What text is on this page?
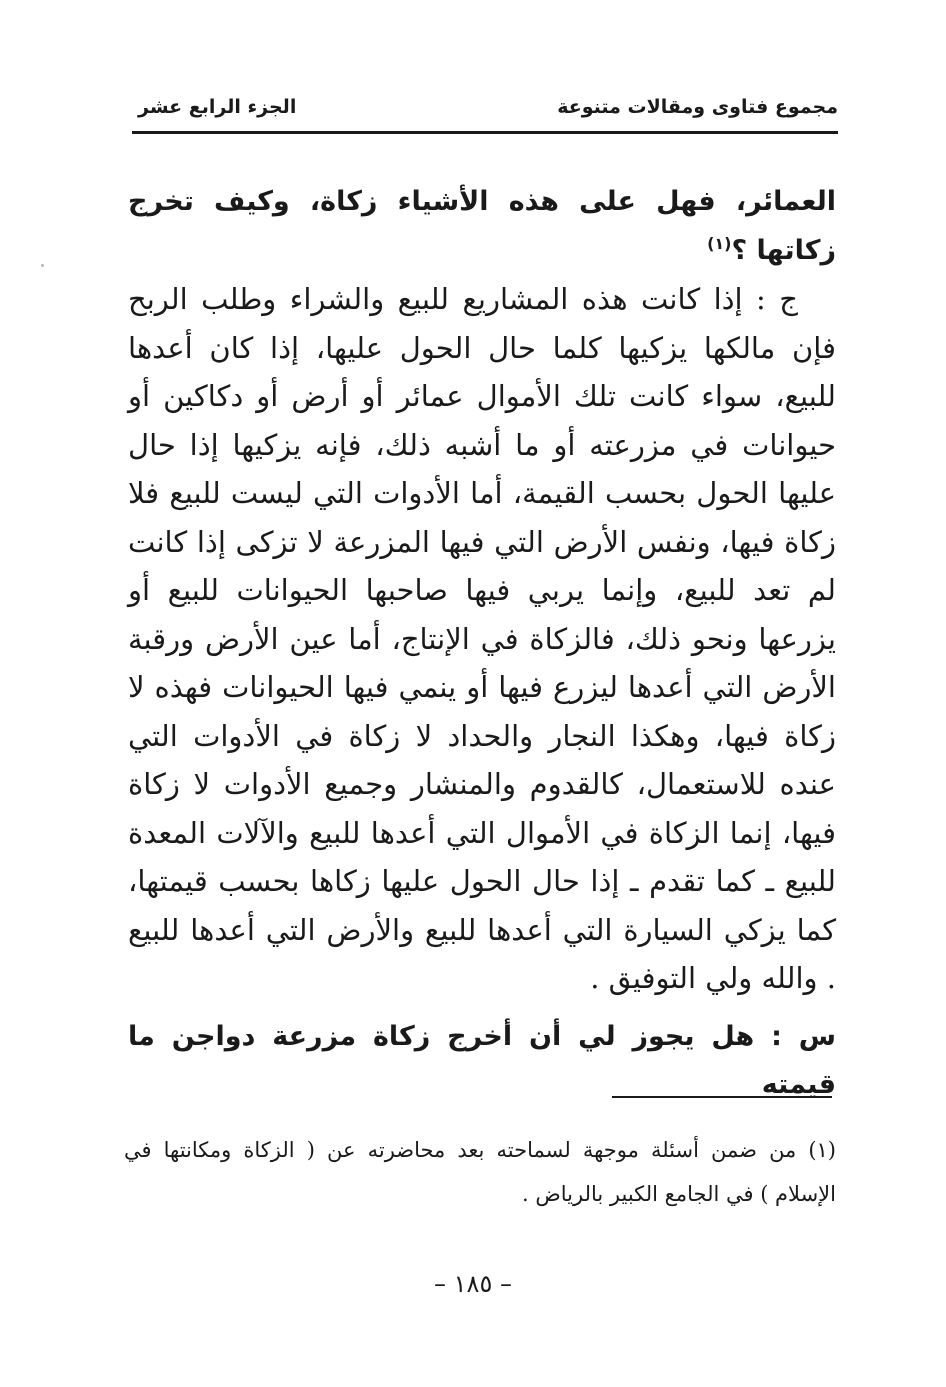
مجموع فتاوى ومقالات متنوعة
الجزء الرابع عشر

العمائر، فهل على هذه الأشياء زكاة، وكيف تخرج زكاتها ؟$^{(١)}$

ج : إذا كانت هذه المشاريع للبيع والشراء وطلب الربح فإن مالكها يزكيها كلما حال الحول عليها، إذا كان أعدها للبيع، سواء كانت تلك الأموال عمائر أو أرض أو دكاكين أو حيوانات في مزرعته أو ما أشبه ذلك، فإنه يزكيها إذا حال عليها الحول بحسب القيمة، أما الأدوات التي ليست للبيع فلا زكاة فيها، ونفس الأرض التي فيها المزرعة لا تزكى إذا كانت لم تعد للبيع، وإنما يربي فيها صاحبها الحيوانات للبيع أو يزرعها ونحو ذلك، فالزكاة في الإنتاج، أما عين الأرض ورقبة الأرض التي أعدها ليزرع فيها أو ينمي فيها الحيوانات فهذه لا زكاة فيها، وهكذا النجار والحداد لا زكاة في الأدوات التي عنده للاستعمال، كالقدوم والمنشار وجميع الأدوات لا زكاة فيها، إنما الزكاة في الأموال التي أعدها للبيع والآلات المعدة للبيع ـ كما تقدم ـ إذا حال الحول عليها زكاها بحسب قيمتها، كما يزكي السيارة التي أعدها للبيع والأرض التي أعدها للبيع . والله ولي التوفيق .

س : هل يجوز لي أن أخرج زكاة مزرعة دواجن ما قيمته

(١)من ضمن أسئلة موجهة لسماحته بعد محاضرته عن ( الزكاة ومكانتها في الإسلام ) في الجامع الكبير بالرياض .
– ١٨٥ –
